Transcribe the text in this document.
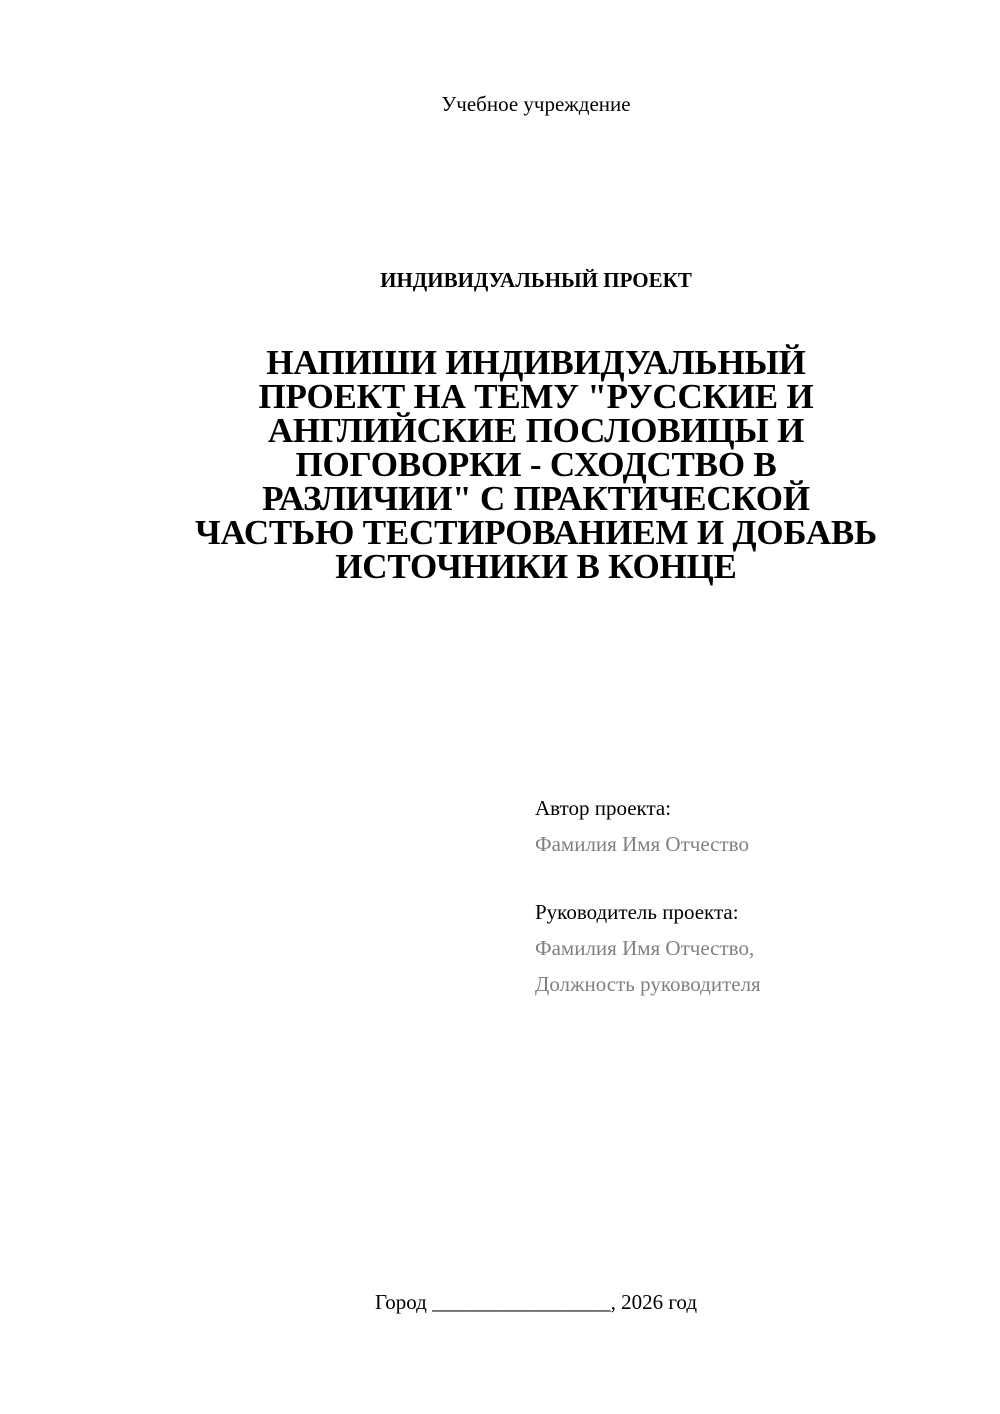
Учебное учреждение
ИНДИВИДУАЛЬНЫЙ ПРОЕКТ
НАПИШИ ИНДИВИДУАЛЬНЫЙ
ПРОЕКТ НА ТЕМУ "РУССКИЕ И
АНГЛИЙСКИЕ ПОСЛОВИЦЫ И
ПОГОВОРКИ - СХОДСТВО В
РАЗЛИЧИИ" С ПРАКТИЧЕСКОЙ
ЧАСТЬЮ ТЕСТИРОВАНИЕМ И ДОБАВЬ
ИСТОЧНИКИ В КОНЦЕ
Автор проекта:
Фамилия Имя Отчество
Руководитель проекта:
Фамилия Имя Отчество,
Должность руководителя
Город _________________, 2026 год
